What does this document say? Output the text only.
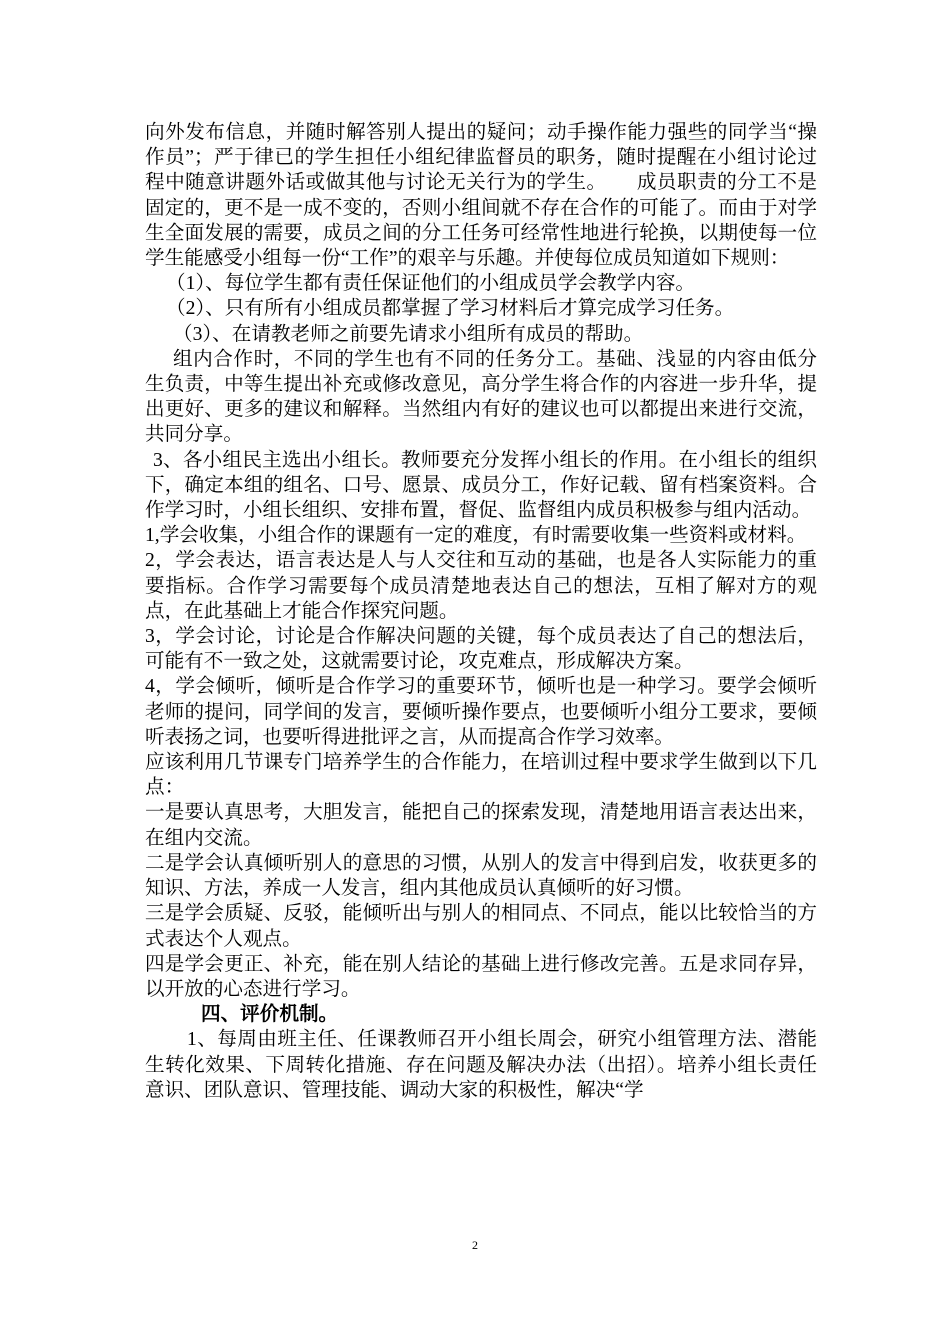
向外发布信息，并随时解答别人提出的疑问；动手操作能力强些的同学当“操作员”；严于律已的学生担任小组纪律监督员的职务，随时提醒在小组讨论过程中随意讲题外话或做其他与讨论无关行为的学生。　　成员职责的分工不是固定的，更不是一成不变的，否则小组间就不存在合作的可能了。而由于对学生全面发展的需要，成员之间的分工任务可经常性地进行轮换，以期使每一位学生能感受小组每一份“工作”的艰辛与乐趣。并使每位成员知道如下规则：

（1）、每位学生都有责任保证他们的小组成员学会教学内容。

（2）、只有所有小组成员都掌握了学习材料后才算完成学习任务。

（3）、在请教老师之前要先请求小组所有成员的帮助。

组内合作时，不同的学生也有不同的任务分工。基础、浅显的内容由低分生负责，中等生提出补充或修改意见，高分学生将合作的内容进一步升华，提出更好、更多的建议和解释。当然组内有好的建议也可以都提出来进行交流，共同分享。

3、各小组民主选出小组长。教师要充分发挥小组长的作用。在小组长的组织下，确定本组的组名、口号、愿景、成员分工，作好记载、留有档案资料。合作学习时，小组长组织、安排布置，督促、监督组内成员积极参与组内活动。

1,学会收集，小组合作的课题有一定的难度，有时需要收集一些资料或材料。

2，学会表达，语言表达是人与人交往和互动的基础，也是各人实际能力的重要指标。合作学习需要每个成员清楚地表达自己的想法，互相了解对方的观点，在此基础上才能合作探究问题。

3，学会讨论，讨论是合作解决问题的关键，每个成员表达了自己的想法后，可能有不一致之处，这就需要讨论，攻克难点，形成解决方案。

4，学会倾听，倾听是合作学习的重要环节，倾听也是一种学习。要学会倾听老师的提问，同学间的发言，要倾听操作要点，也要倾听小组分工要求，要倾听表扬之词，也要听得进批评之言，从而提高合作学习效率。

应该利用几节课专门培养学生的合作能力，在培训过程中要求学生做到以下几点：

一是要认真思考，大胆发言，能把自己的探索发现，清楚地用语言表达出来，在组内交流。

二是学会认真倾听别人的意思的习惯，从别人的发言中得到启发，收获更多的知识、方法，养成一人发言，组内其他成员认真倾听的好习惯。

三是学会质疑、反驳，能倾听出与别人的相同点、不同点，能以比较恰当的方式表达个人观点。

四是学会更正、补充，能在别人结论的基础上进行修改完善。五是求同存异，以开放的心态进行学习。

四、评价机制。

1、每周由班主任、任课教师召开小组长周会，研究小组管理方法、潜能生转化效果、下周转化措施、存在问题及解决办法（出招）。培养小组长责任意识、团队意识、管理技能、调动大家的积极性，解决“学

2
